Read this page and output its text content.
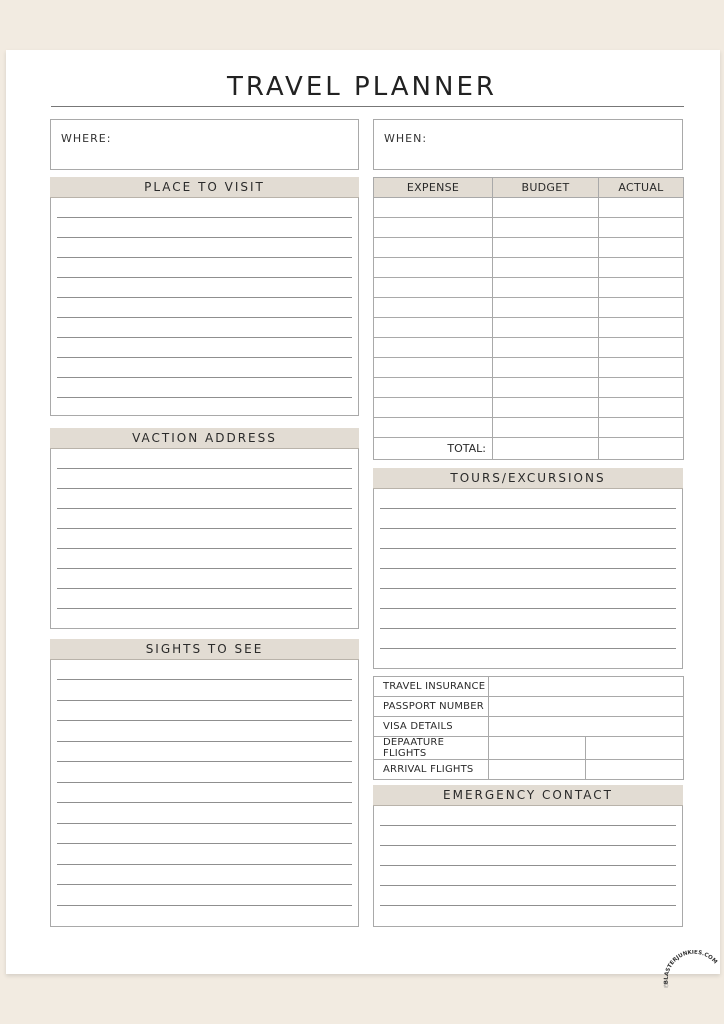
TRAVEL PLANNER
WHERE:	WHEN:
PLACE TO VISIT
VACTION ADDRESS
SIGHTS TO SEE
EXPENSE	BUDGET	ACTUAL

TOTAL:		
TOURS/EXCURSIONS
TRAVEL INSURANCE		
PASSPORT NUMBER		
VISA DETAILS		
DEPAATURE FLIGHTS		
ARRIVAL FLIGHTS		
EMERGENCY CONTACT
BLASTERJUNKIES.COM
©
